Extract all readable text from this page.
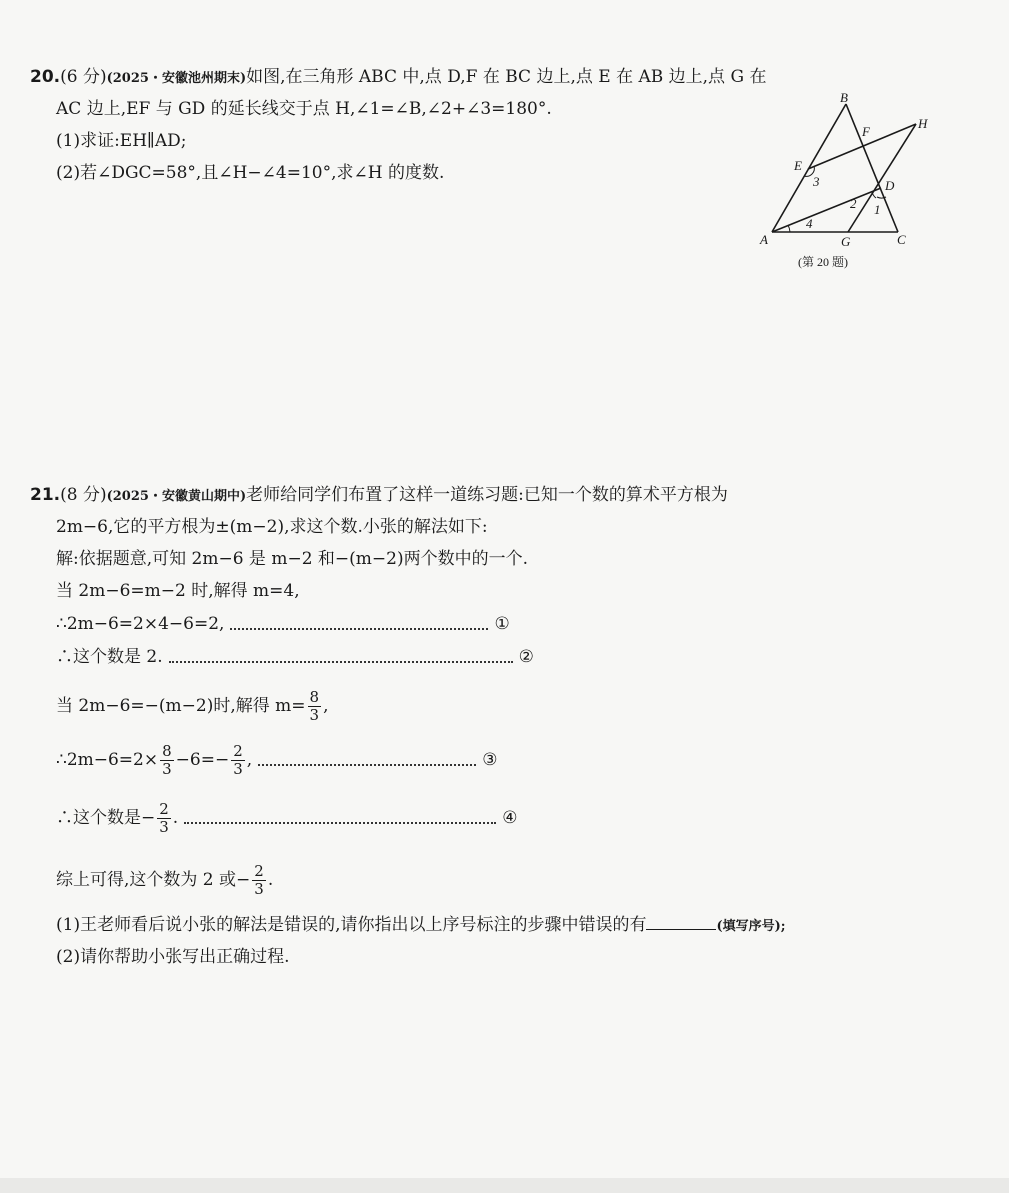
20.(6 分)(2025・安徽池州期末)如图,在三角形 ABC 中,点 D,F 在 BC 边上,点 E 在 AB 边上,点 G 在
AC 边上,EF 与 GD 的延长线交于点 H,∠1=∠B,∠2+∠3=180°.
(1)求证:EH∥AD;
(2)若∠DGC=58°,且∠H−∠4=10°,求∠H 的度数.
B
A	C
D
E
F
G
H
3
4
2 1
(第 20 题)
21.(8 分)(2025・安徽黄山期中)老师给同学们布置了这样一道练习题:已知一个数的算术平方根为
2m−6,它的平方根为±(m−2),求这个数.小张的解法如下:
解:依据题意,可知 2m−6 是 m−2 和−(m−2)两个数中的一个.
当 2m−6=m−2 时,解得 m=4,
∴2m−6=2×4−6=2,	①
∴这个数是 2.	②
当 2m−6=−(m−2)时,解得 $m= \frac{8}{3}$ ,
∴2m−6=2× $\frac{8}{3} -6=- \frac{2}{3}$ ,	③
∴这个数是− $\frac{2}{3}$ .	④
综上可得,这个数为 2 或− $\frac{2}{3}$ .
(1)王老师看后说小张的解法是错误的,请你指出以上序号标注的步骤中错误的有	(填写序号);
(2)请你帮助小张写出正确过程.
